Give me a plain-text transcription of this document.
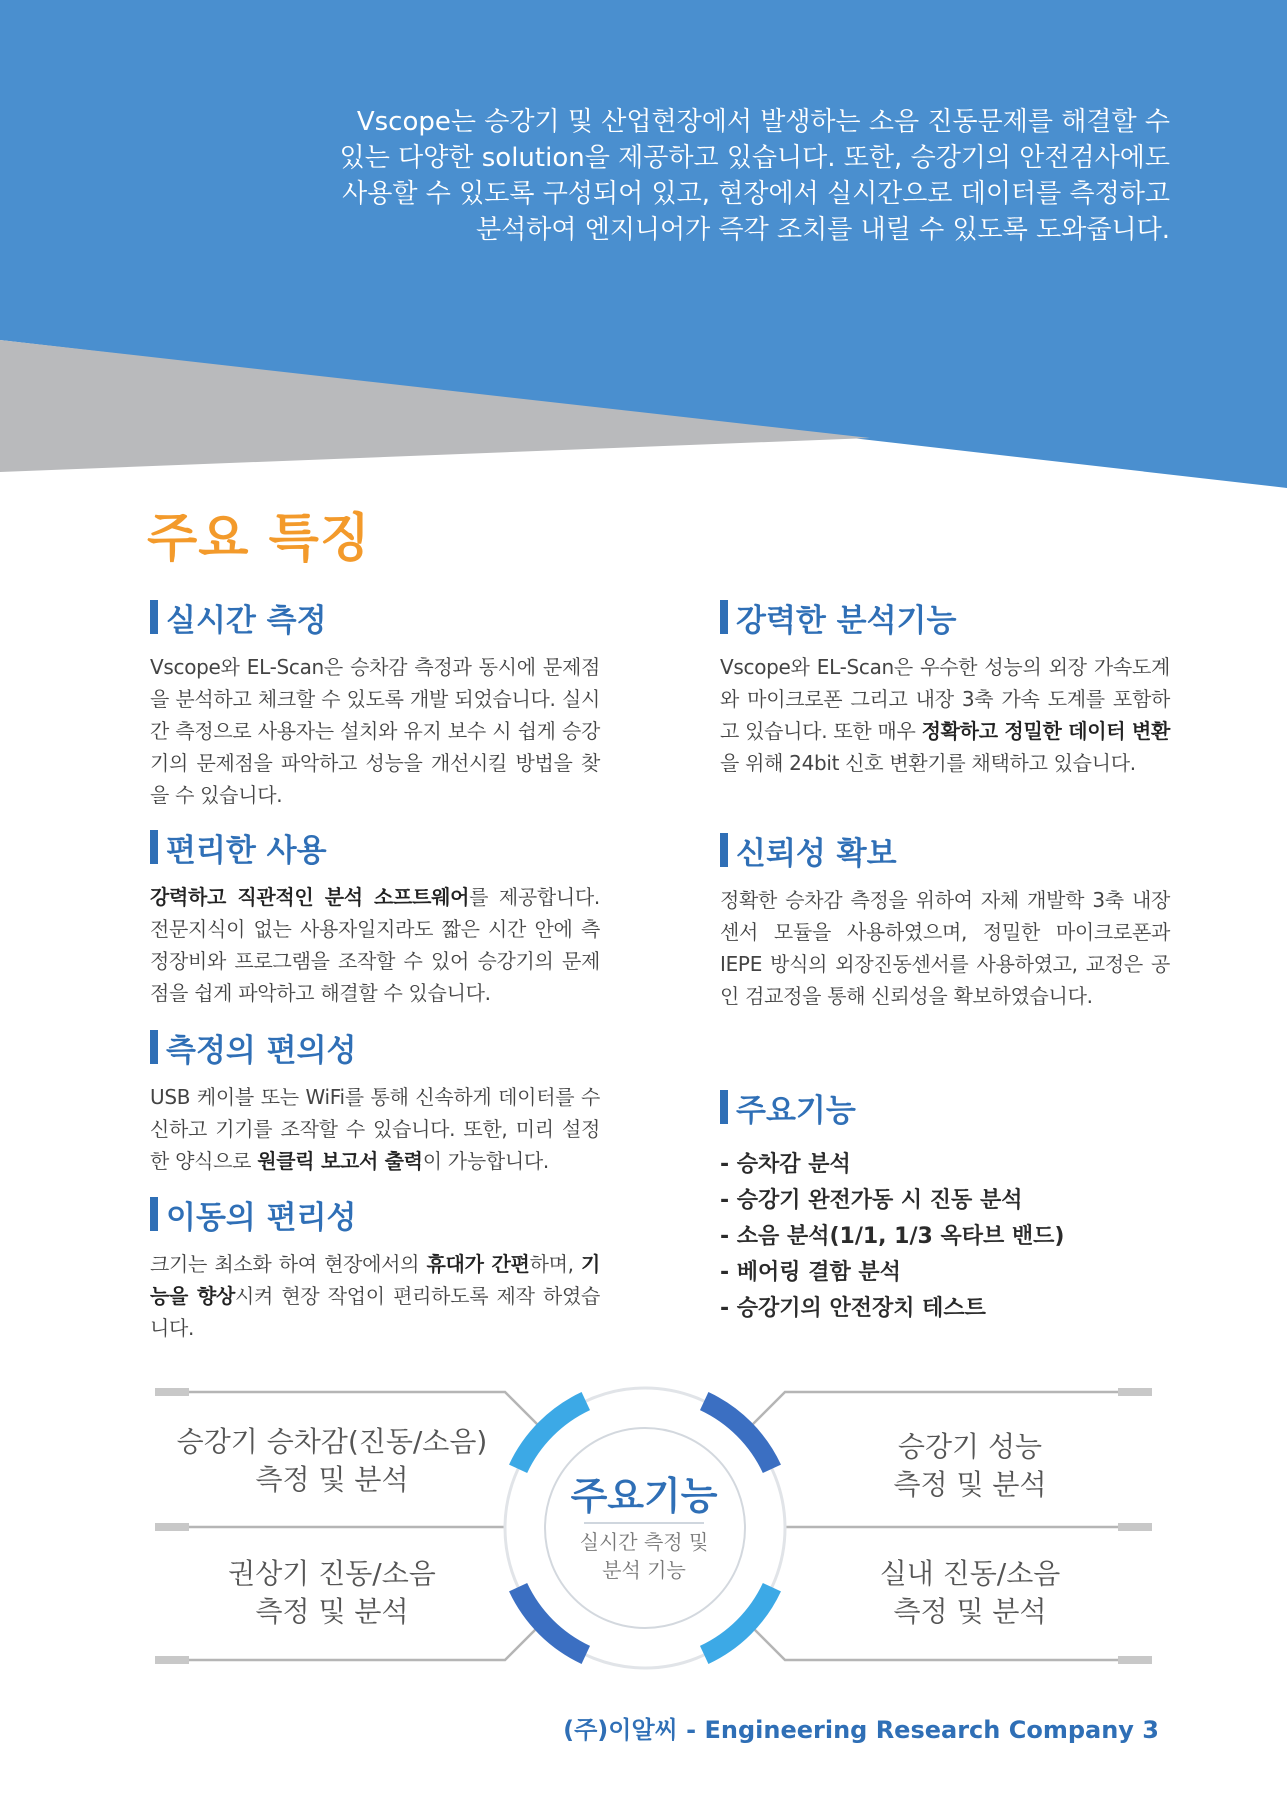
Vscope는 승강기 및 산업현장에서 발생하는 소음 진동문제를 해결할 수
있는 다양한 solution을 제공하고 있습니다. 또한, 승강기의 안전검사에도
사용할 수 있도록 구성되어 있고, 현장에서 실시간으로 데이터를 측정하고
분석하여 엔지니어가 즉각 조치를 내릴 수 있도록 도와줍니다.
주요 특징
실시간 측정
Vscope와 EL-Scan은 승차감 측정과 동시에 문제점을 분석하고 체크할 수 있도록 개발 되었습니다. 실시간 측정으로 사용자는 설치와 유지 보수 시 쉽게 승강기의 문제점을 파악하고 성능을 개선시킬 방법을 찾을 수 있습니다.
편리한 사용
강력하고 직관적인 분석 소프트웨어를 제공합니다. 전문지식이 없는 사용자일지라도 짧은 시간 안에 측정장비와 프로그램을 조작할 수 있어 승강기의 문제점을 쉽게 파악하고 해결할 수 있습니다.
측정의 편의성
USB 케이블 또는 WiFi를 통해 신속하게 데이터를 수신하고 기기를 조작할 수 있습니다. 또한, 미리 설정한 양식으로 원클릭 보고서 출력이 가능합니다.
이동의 편리성
크기는 최소화 하여 현장에서의 휴대가 간편하며, 기능을 향상시켜 현장 작업이 편리하도록 제작 하였습니다.
강력한 분석기능
Vscope와 EL-Scan은 우수한 성능의 외장 가속도계와 마이크로폰 그리고 내장 3축 가속 도계를 포함하고 있습니다. 또한 매우 정확하고 정밀한 데이터 변환을 위해 24bit 신호 변환기를 채택하고 있습니다.
신뢰성 확보
정확한 승차감 측정을 위하여 자체 개발학 3축 내장센서 모듈을 사용하였으며, 정밀한 마이크로폰과 IEPE 방식의 외장진동센서를 사용하였고, 교정은 공인 검교정을 통해 신뢰성을 확보하였습니다.
주요기능
- 승차감 분석
- 승강기 완전가동 시 진동 분석
- 소음 분석(1/1, 1/3 옥타브 밴드)
- 베어링 결함 분석
- 승강기의 안전장치 테스트
승강기 승차감(진동/소음)
측정 및 분석
권상기 진동/소음
측정 및 분석
승강기 성능
측정 및 분석
실내 진동/소음
측정 및 분석
주요기능
실시간 측정 및
분석 기능
(주)이알씨 - Engineering Research Company 3
